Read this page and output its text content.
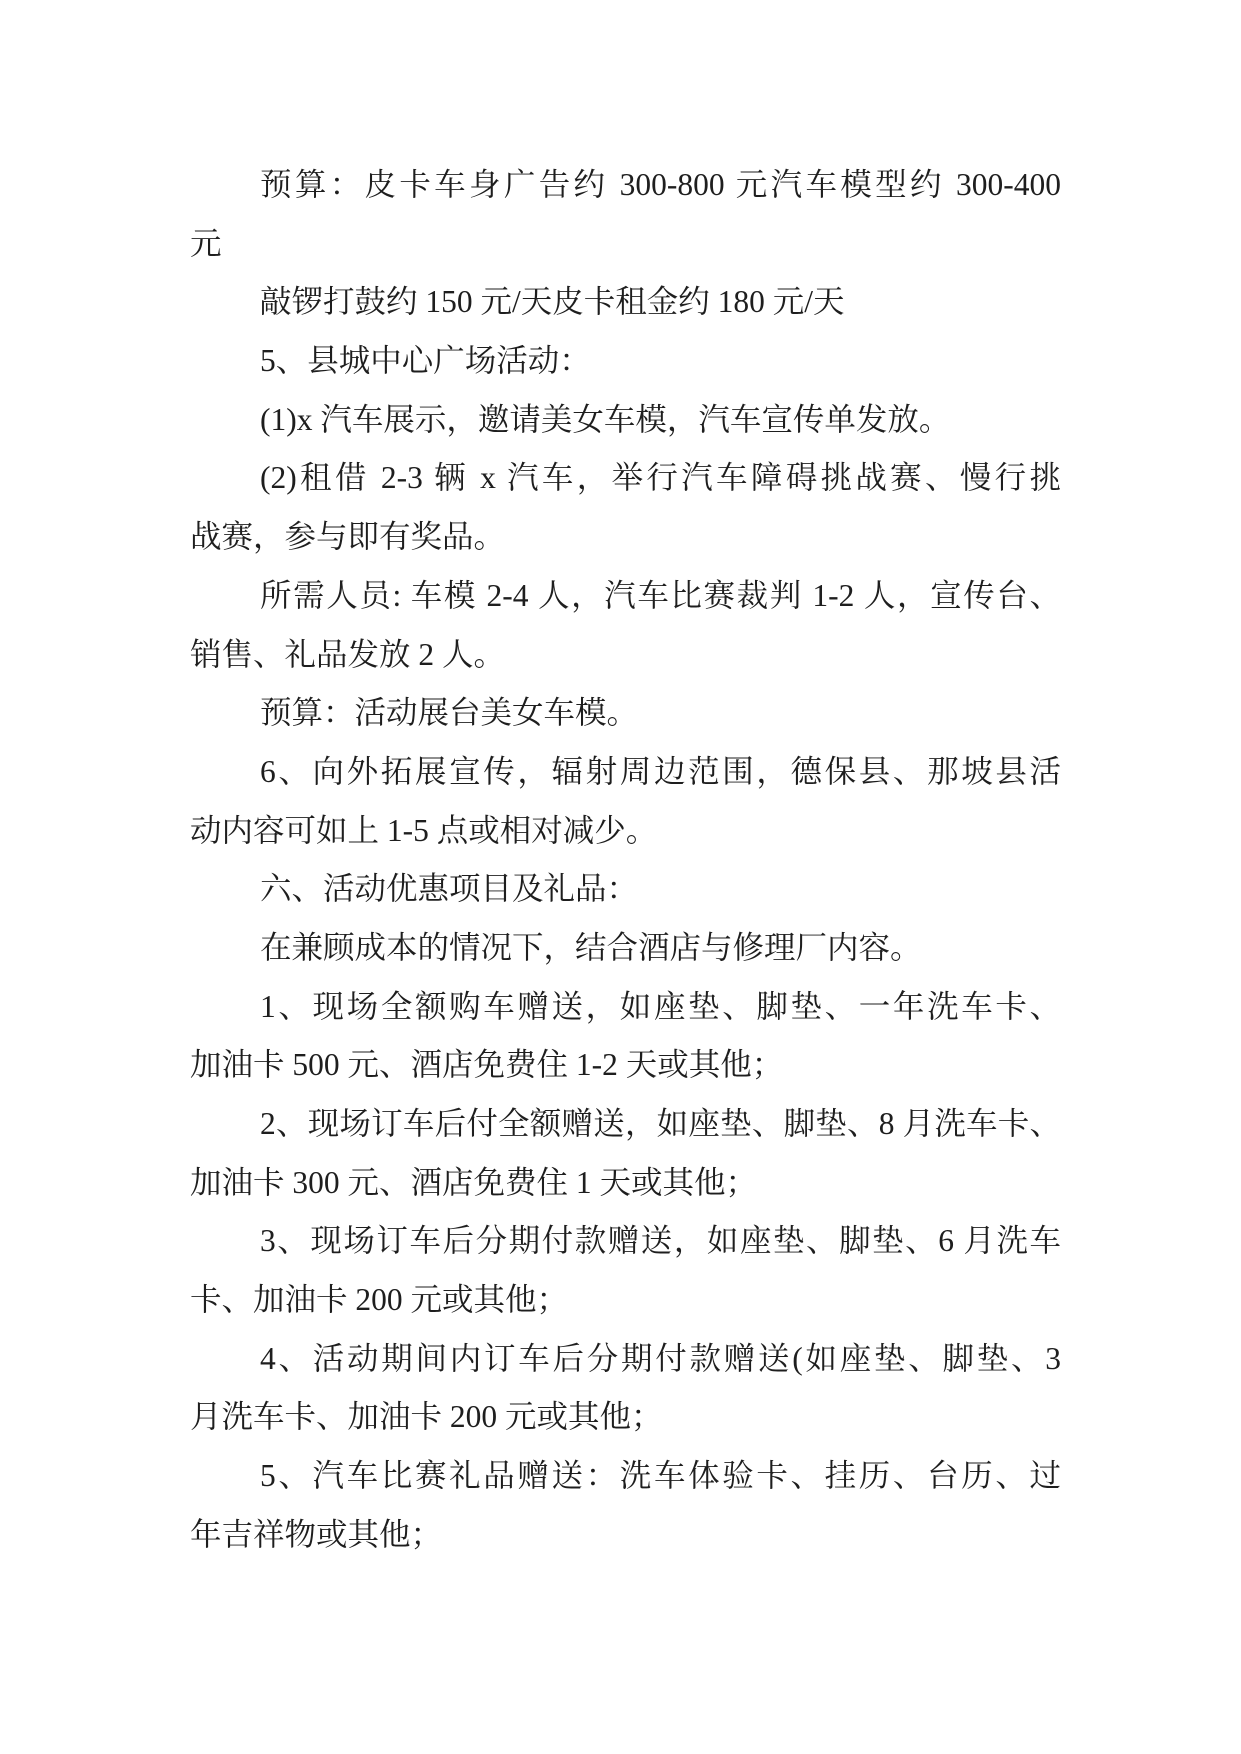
预算：皮卡车身广告约 300-800 元汽车模型约 300-400
元
敲锣打鼓约 150 元/天皮卡租金约 180 元/天
5、县城中心广场活动：
(1)x 汽车展示，邀请美女车模，汽车宣传单发放。
(2)租借 2-3 辆 x 汽车，举行汽车障碍挑战赛、慢行挑
战赛，参与即有奖品。
所需人员: 车模 2-4 人，汽车比赛裁判 1-2 人，宣传台、
销售、礼品发放 2 人。
预算：活动展台美女车模。
6、向外拓展宣传，辐射周边范围，德保县、那坡县活
动内容可如上 1-5 点或相对减少。
六、活动优惠项目及礼品：
在兼顾成本的情况下，结合酒店与修理厂内容。
1、现场全额购车赠送，如座垫、脚垫、一年洗车卡、
加油卡 500 元、酒店免费住 1-2 天或其他；
2、现场订车后付全额赠送，如座垫、脚垫、8 月洗车卡、
加油卡 300 元、酒店免费住 1 天或其他；
3、现场订车后分期付款赠送，如座垫、脚垫、6 月洗车
卡、加油卡 200 元或其他；
4、活动期间内订车后分期付款赠送(如座垫、脚垫、3
月洗车卡、加油卡 200 元或其他；
5、汽车比赛礼品赠送：洗车体验卡、挂历、台历、过
年吉祥物或其他；
